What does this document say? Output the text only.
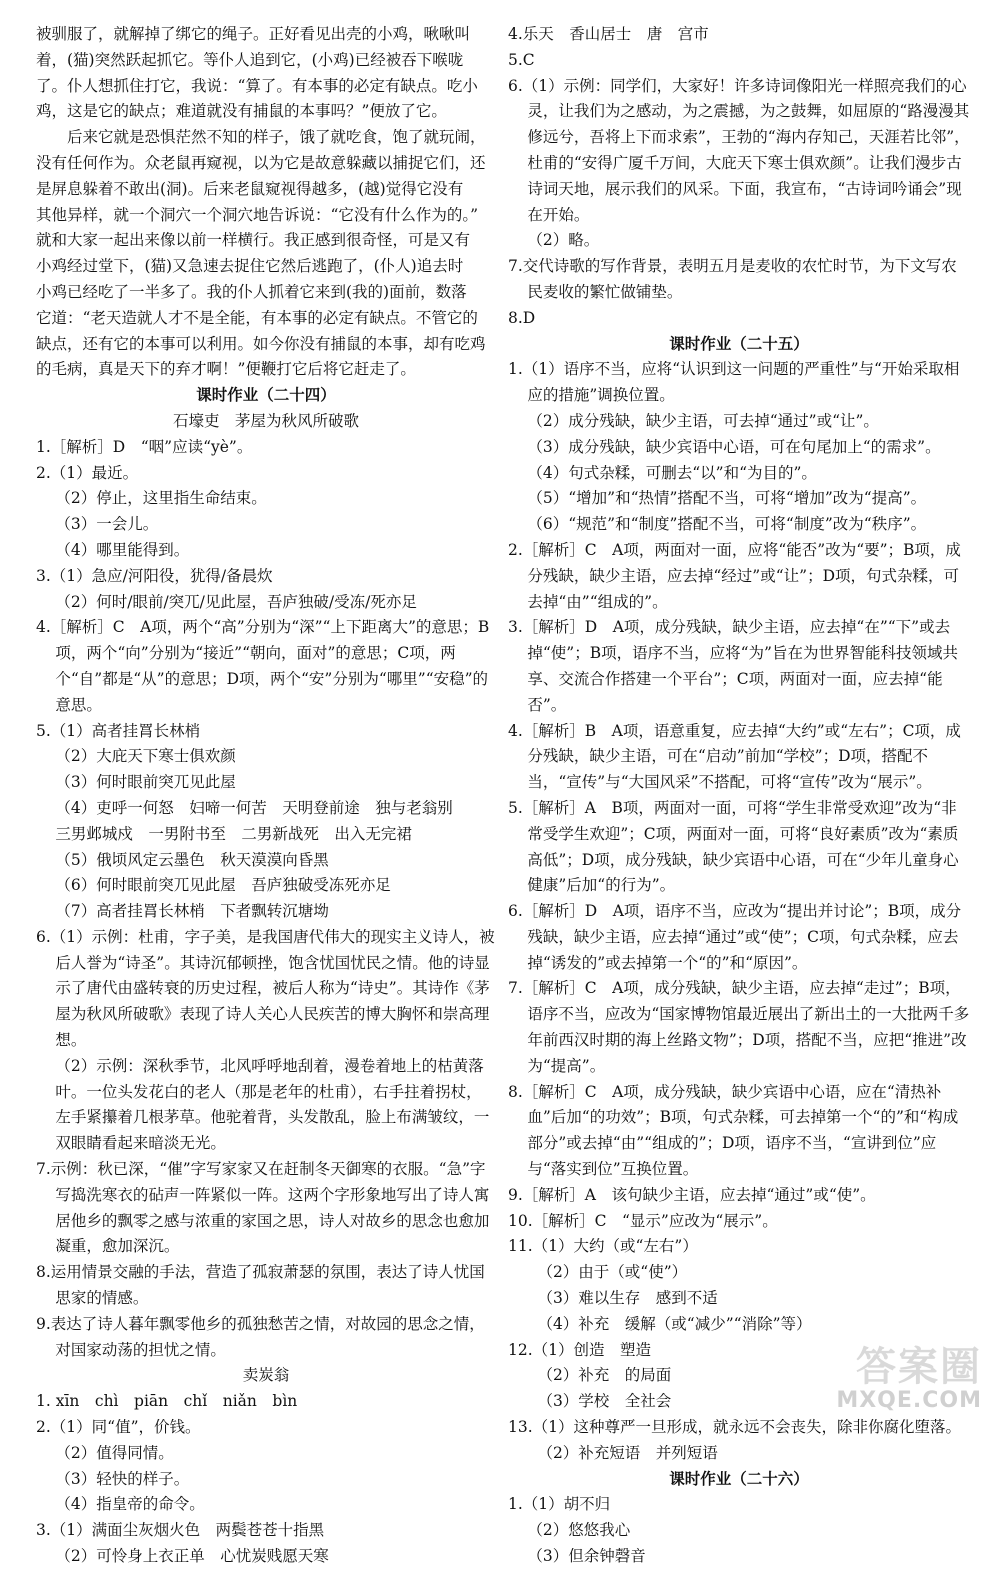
被驯服了，就解掉了绑它的绳子。正好看见出壳的小鸡，啾啾叫

着，(猫)突然跃起抓它。等仆人追到它，(小鸡)已经被吞下喉咙

了。仆人想抓住打它，我说：“算了。有本事的必定有缺点。吃小

鸡，这是它的缺点；难道就没有捕鼠的本事吗？”便放了它。

后来它就是恐惧茫然不知的样子，饿了就吃食，饱了就玩闹，

没有任何作为。众老鼠再窥视，以为它是故意躲藏以捕捉它们，还

是屏息躲着不敢出(洞)。后来老鼠窥视得越多，(越)觉得它没有

其他异样，就一个洞穴一个洞穴地告诉说：“它没有什么作为的。”

就和大家一起出来像以前一样横行。我正感到很奇怪，可是又有

小鸡经过堂下，(猫)又急速去捉住它然后逃跑了，(仆人)追去时

小鸡已经吃了一半多了。我的仆人抓着它来到(我的)面前，数落

它道：“老天造就人才不是全能，有本事的必定有缺点。不管它的

缺点，还有它的本事可以利用。如今你没有捕鼠的本事，却有吃鸡

的毛病，真是天下的弃才啊！”便鞭打它后将它赶走了。

课时作业（二十四）

石壕吏　茅屋为秋风所破歌

1.［解析］D　“咽”应读“yè”。

2.（1）最近。

（2）停止，这里指生命结束。

（3）一会儿。

（4）哪里能得到。

3.（1）急应/河阳役，犹得/备晨炊

（2）何时/眼前/突兀/见此屋，吾庐独破/受冻/死亦足

4.［解析］C　A项，两个“高”分别为“深”“上下距离大”的意思；B项，两个“向”分别为“接近”“朝向，面对”的意思；C项，两个“自”都是“从”的意思；D项，两个“安”分别为“哪里”“安稳”的意思。

5.（1）高者挂罥长林梢

（2）大庇天下寒士俱欢颜

（3）何时眼前突兀见此屋

（4）吏呼一何怒　妇啼一何苦　天明登前途　独与老翁别

三男邺城戍　一男附书至　二男新战死　出入无完裙

（5）俄顷风定云墨色　秋天漠漠向昏黑

（6）何时眼前突兀见此屋　吾庐独破受冻死亦足

（7）高者挂罥长林梢　下者飘转沉塘坳

6.（1）示例：杜甫，字子美，是我国唐代伟大的现实主义诗人，被后人誉为“诗圣”。其诗沉郁顿挫，饱含忧国忧民之情。他的诗显示了唐代由盛转衰的历史过程，被后人称为“诗史”。其诗作《茅屋为秋风所破歌》表现了诗人关心人民疾苦的博大胸怀和崇高理想。

（2）示例：深秋季节，北风呼呼地刮着，漫卷着地上的枯黄落叶。一位头发花白的老人（那是老年的杜甫），右手拄着拐杖，左手紧攥着几根茅草。他驼着背，头发散乱，脸上布满皱纹，一双眼睛看起来暗淡无光。

7.示例：秋已深，“催”字写家家又在赶制冬天御寒的衣服。“急”字写捣洗寒衣的砧声一阵紧似一阵。这两个字形象地写出了诗人寓居他乡的飘零之感与浓重的家国之思，诗人对故乡的思念也愈加凝重，愈加深沉。

8.运用情景交融的手法，营造了孤寂萧瑟的氛围，表达了诗人忧国思家的情感。

9.表达了诗人暮年飘零他乡的孤独愁苦之情，对故园的思念之情，对国家动荡的担忧之情。

卖炭翁

1. xīn　chì　piān　chǐ　niǎn　bìn

2.（1）同“值”，价钱。

（2）值得同情。

（3）轻快的样子。

（4）指皇帝的命令。

3.（1）满面尘灰烟火色　两鬓苍苍十指黑

（2）可怜身上衣正单　心忧炭贱愿天寒

4.乐天　香山居士　唐　宫市

5.C

6.（1）示例：同学们，大家好！许多诗词像阳光一样照亮我们的心灵，让我们为之感动，为之震撼，为之鼓舞，如屈原的“路漫漫其修远兮，吾将上下而求索”，王勃的“海内存知己，天涯若比邻”，杜甫的“安得广厦千万间，大庇天下寒士俱欢颜”。让我们漫步古诗词天地，展示我们的风采。下面，我宣布，“古诗词吟诵会”现在开始。

（2）略。

7.交代诗歌的写作背景，表明五月是麦收的农忙时节，为下文写农民麦收的繁忙做铺垫。

8.D

课时作业（二十五）

1.（1）语序不当，应将“认识到这一问题的严重性”与“开始采取相应的措施”调换位置。

（2）成分残缺，缺少主语，可去掉“通过”或“让”。

（3）成分残缺，缺少宾语中心语，可在句尾加上“的需求”。

（4）句式杂糅，可删去“以”和“为目的”。

（5）“增加”和“热情”搭配不当，可将“增加”改为“提高”。

（6）“规范”和“制度”搭配不当，可将“制度”改为“秩序”。

2.［解析］C　A项，两面对一面，应将“能否”改为“要”；B项，成分残缺，缺少主语，应去掉“经过”或“让”；D项，句式杂糅，可去掉“由”“组成的”。

3.［解析］D　A项，成分残缺，缺少主语，应去掉“在”“下”或去掉“使”；B项，语序不当，应将“为”旨在为世界智能科技领域共享、交流合作搭建一个平台”；C项，两面对一面，应去掉“能否”。

4.［解析］B　A项，语意重复，应去掉“大约”或“左右”；C项，成分残缺，缺少主语，可在“启动”前加“学校”；D项，搭配不当，“宣传”与“大国风采”不搭配，可将“宣传”改为“展示”。

5.［解析］A　B项，两面对一面，可将“学生非常受欢迎”改为“非常受学生欢迎”；C项，两面对一面，可将“良好素质”改为“素质高低”；D项，成分残缺，缺少宾语中心语，可在“少年儿童身心健康”后加“的行为”。

6.［解析］D　A项，语序不当，应改为“提出并讨论”；B项，成分残缺，缺少主语，应去掉“通过”或“使”；C项，句式杂糅，应去掉“诱发的”或去掉第一个“的”和“原因”。

7.［解析］C　A项，成分残缺，缺少主语，应去掉“走过”；B项，语序不当，应改为“国家博物馆最近展出了新出土的一大批两千多年前西汉时期的海上丝路文物”；D项，搭配不当，应把“推进”改为“提高”。

8.［解析］C　A项，成分残缺，缺少宾语中心语，应在“清热补血”后加“的功效”；B项，句式杂糅，可去掉第一个“的”和“构成部分”或去掉“由”“组成的”；D项，语序不当，“宣讲到位”应与“落实到位”互换位置。

9.［解析］A　该句缺少主语，应去掉“通过”或“使”。

10.［解析］C　“显示”应改为“展示”。

11.（1）大约（或“左右”）

（2）由于（或“使”）

（3）难以生存　感到不适

（4）补充　缓解（或“减少”“消除”等）

12.（1）创造　塑造

（2）补充　的局面

（3）学校　全社会

13.（1）这种尊严一旦形成，就永远不会丧失，除非你腐化堕落。

（2）补充短语　并列短语

课时作业（二十六）

1.（1）胡不归

（2）悠悠我心

（3）但余钟磬音

答案圈
MXQE.COM
